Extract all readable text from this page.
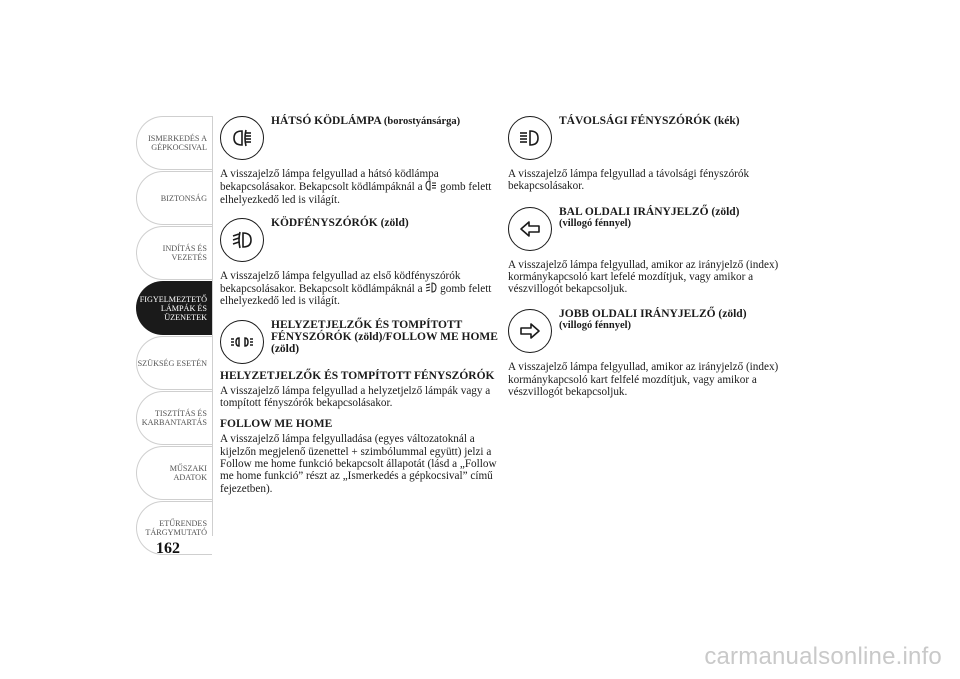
ISMERKEDÉS A
GÉPKOCSIVAL
BIZTONSÁG
INDÍTÁS ÉS
VEZETÉS
FIGYELMEZTETŐ
LÁMPÁK ÉS
ÜZENETEK
SZÜKSÉG ESETÉN
TISZTÍTÁS ÉS
KARBANTARTÁS
MŰSZAKI ADATOK
ETŰRENDES
TÁRGYMUTATÓ
162
HÁTSÓ KÖDLÁMPA (borostyánsárga)

A visszajelző lámpa felgyullad a hátsó ködlámpa bekapcsolásakor. Bekapcsolt ködlámpáknál a gomb felett elhelyezkedő led is világít.

KÖDFÉNYSZÓRÓK (zöld)

A visszajelző lámpa felgyullad az első ködfényszórók bekapcsolásakor. Bekapcsolt ködlámpáknál a gomb felett elhelyezkedő led is világít.

HELYZETJELZŐK ÉS TOMPÍTOTT FÉNYSZÓRÓK (zöld)/FOLLOW ME HOME (zöld)

HELYZETJELZŐK ÉS TOMPÍTOTT FÉNYSZÓRÓK

A visszajelző lámpa felgyullad a helyzetjelző lámpák vagy a tompított fényszórók bekapcsolásakor.

FOLLOW ME HOME

A visszajelző lámpa felgyulladása (egyes változatoknál a kijelzőn megjelenő üzenettel + szimbólummal együtt) jelzi a Follow me home funkció bekapcsolt állapotát (lásd a „Follow me home funkció” részt az „Ismerkedés a gépkocsival” című fejezetben).

TÁVOLSÁGI FÉNYSZÓRÓK (kék)

A visszajelző lámpa felgyullad a távolsági fényszórók bekapcsolásakor.

BAL OLDALI IRÁNYJELZŐ (zöld)
(villogó fénnyel)

A visszajelző lámpa felgyullad, amikor az irányjelző (index) kormánykapcsoló kart lefelé mozdítjuk, vagy amikor a vészvillogót bekapcsoljuk.

JOBB OLDALI IRÁNYJELZŐ (zöld)
(villogó fénnyel)

A visszajelző lámpa felgyullad, amikor az irányjelző (index) kormánykapcsoló kart felfelé mozdítjuk, vagy amikor a vészvillogót bekapcsoljuk.

carmanualsonline.info
